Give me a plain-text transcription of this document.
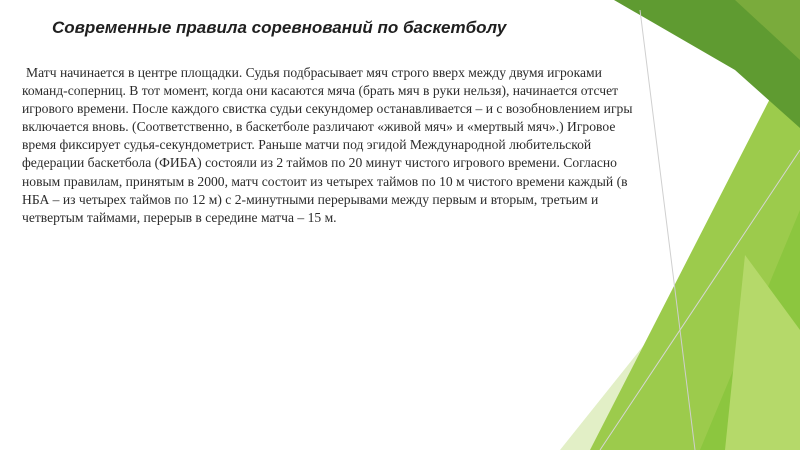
Современные правила соревнований по баскетболу

Матч начинается в центре площадки. Судья подбрасывает мяч строго вверх между двумя игроками команд-соперниц. В тот момент, когда они касаются мяча (брать мяч в руки нельзя), начинается отсчет игрового времени. После каждого свистка судьи секундомер останавливается – и с возобновлением игры включается вновь. (Соответственно, в баскетболе различают «живой мяч» и «мертвый мяч».) Игровое время фиксирует судья-секундометрист. Раньше матчи под эгидой Международной любительской федерации баскетбола (ФИБА) состояли из 2 таймов по 20 минут чистого игрового времени. Согласно новым правилам, принятым в 2000, матч состоит из четырех таймов по 10 м чистого времени каждый (в НБА – из четырех таймов по 12 м) с 2-минутными перерывами между первым и вторым, третьим и четвертым таймами, перерыв в середине матча – 15 м.
